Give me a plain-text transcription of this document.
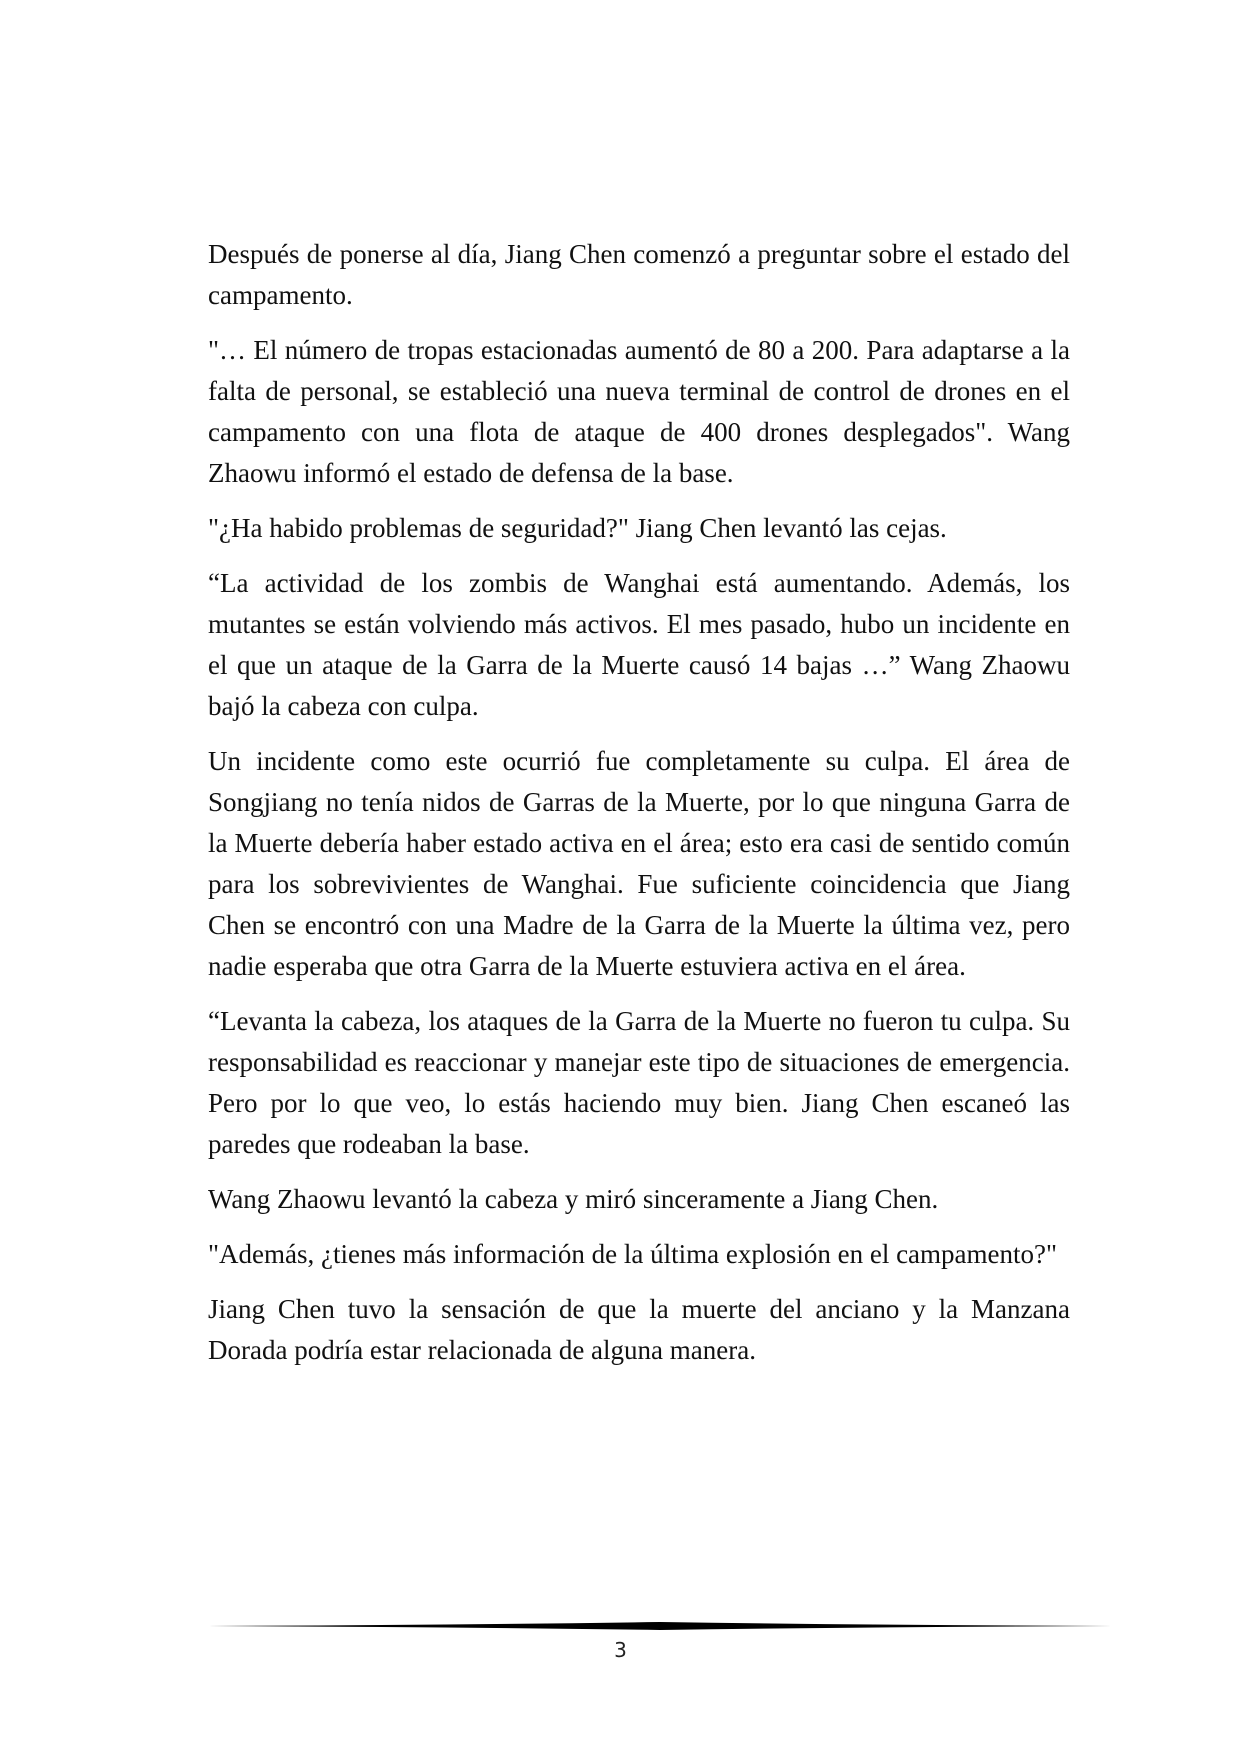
Después de ponerse al día, Jiang Chen comenzó a preguntar sobre el estado del campamento.

"… El número de tropas estacionadas aumentó de 80 a 200. Para adaptarse a la falta de personal, se estableció una nueva terminal de control de drones en el campamento con una flota de ataque de 400 drones desplegados". Wang Zhaowu informó el estado de defensa de la base.

"¿Ha habido problemas de seguridad?" Jiang Chen levantó las cejas.

“La actividad de los zombis de Wanghai está aumentando. Además, los mutantes se están volviendo más activos. El mes pasado, hubo un incidente en el que un ataque de la Garra de la Muerte causó 14 bajas …” Wang Zhaowu bajó la cabeza con culpa.

Un incidente como este ocurrió fue completamente su culpa. El área de Songjiang no tenía nidos de Garras de la Muerte, por lo que ninguna Garra de la Muerte debería haber estado activa en el área; esto era casi de sentido común para los sobrevivientes de Wanghai. Fue suficiente coincidencia que Jiang Chen se encontró con una Madre de la Garra de la Muerte la última vez, pero nadie esperaba que otra Garra de la Muerte estuviera activa en el área.

“Levanta la cabeza, los ataques de la Garra de la Muerte no fueron tu culpa. Su responsabilidad es reaccionar y manejar este tipo de situaciones de emergencia. Pero por lo que veo, lo estás haciendo muy bien. Jiang Chen escaneó las paredes que rodeaban la base.

Wang Zhaowu levantó la cabeza y miró sinceramente a Jiang Chen.

"Además, ¿tienes más información de la última explosión en el campamento?"

Jiang Chen tuvo la sensación de que la muerte del anciano y la Manzana Dorada podría estar relacionada de alguna manera.

3
